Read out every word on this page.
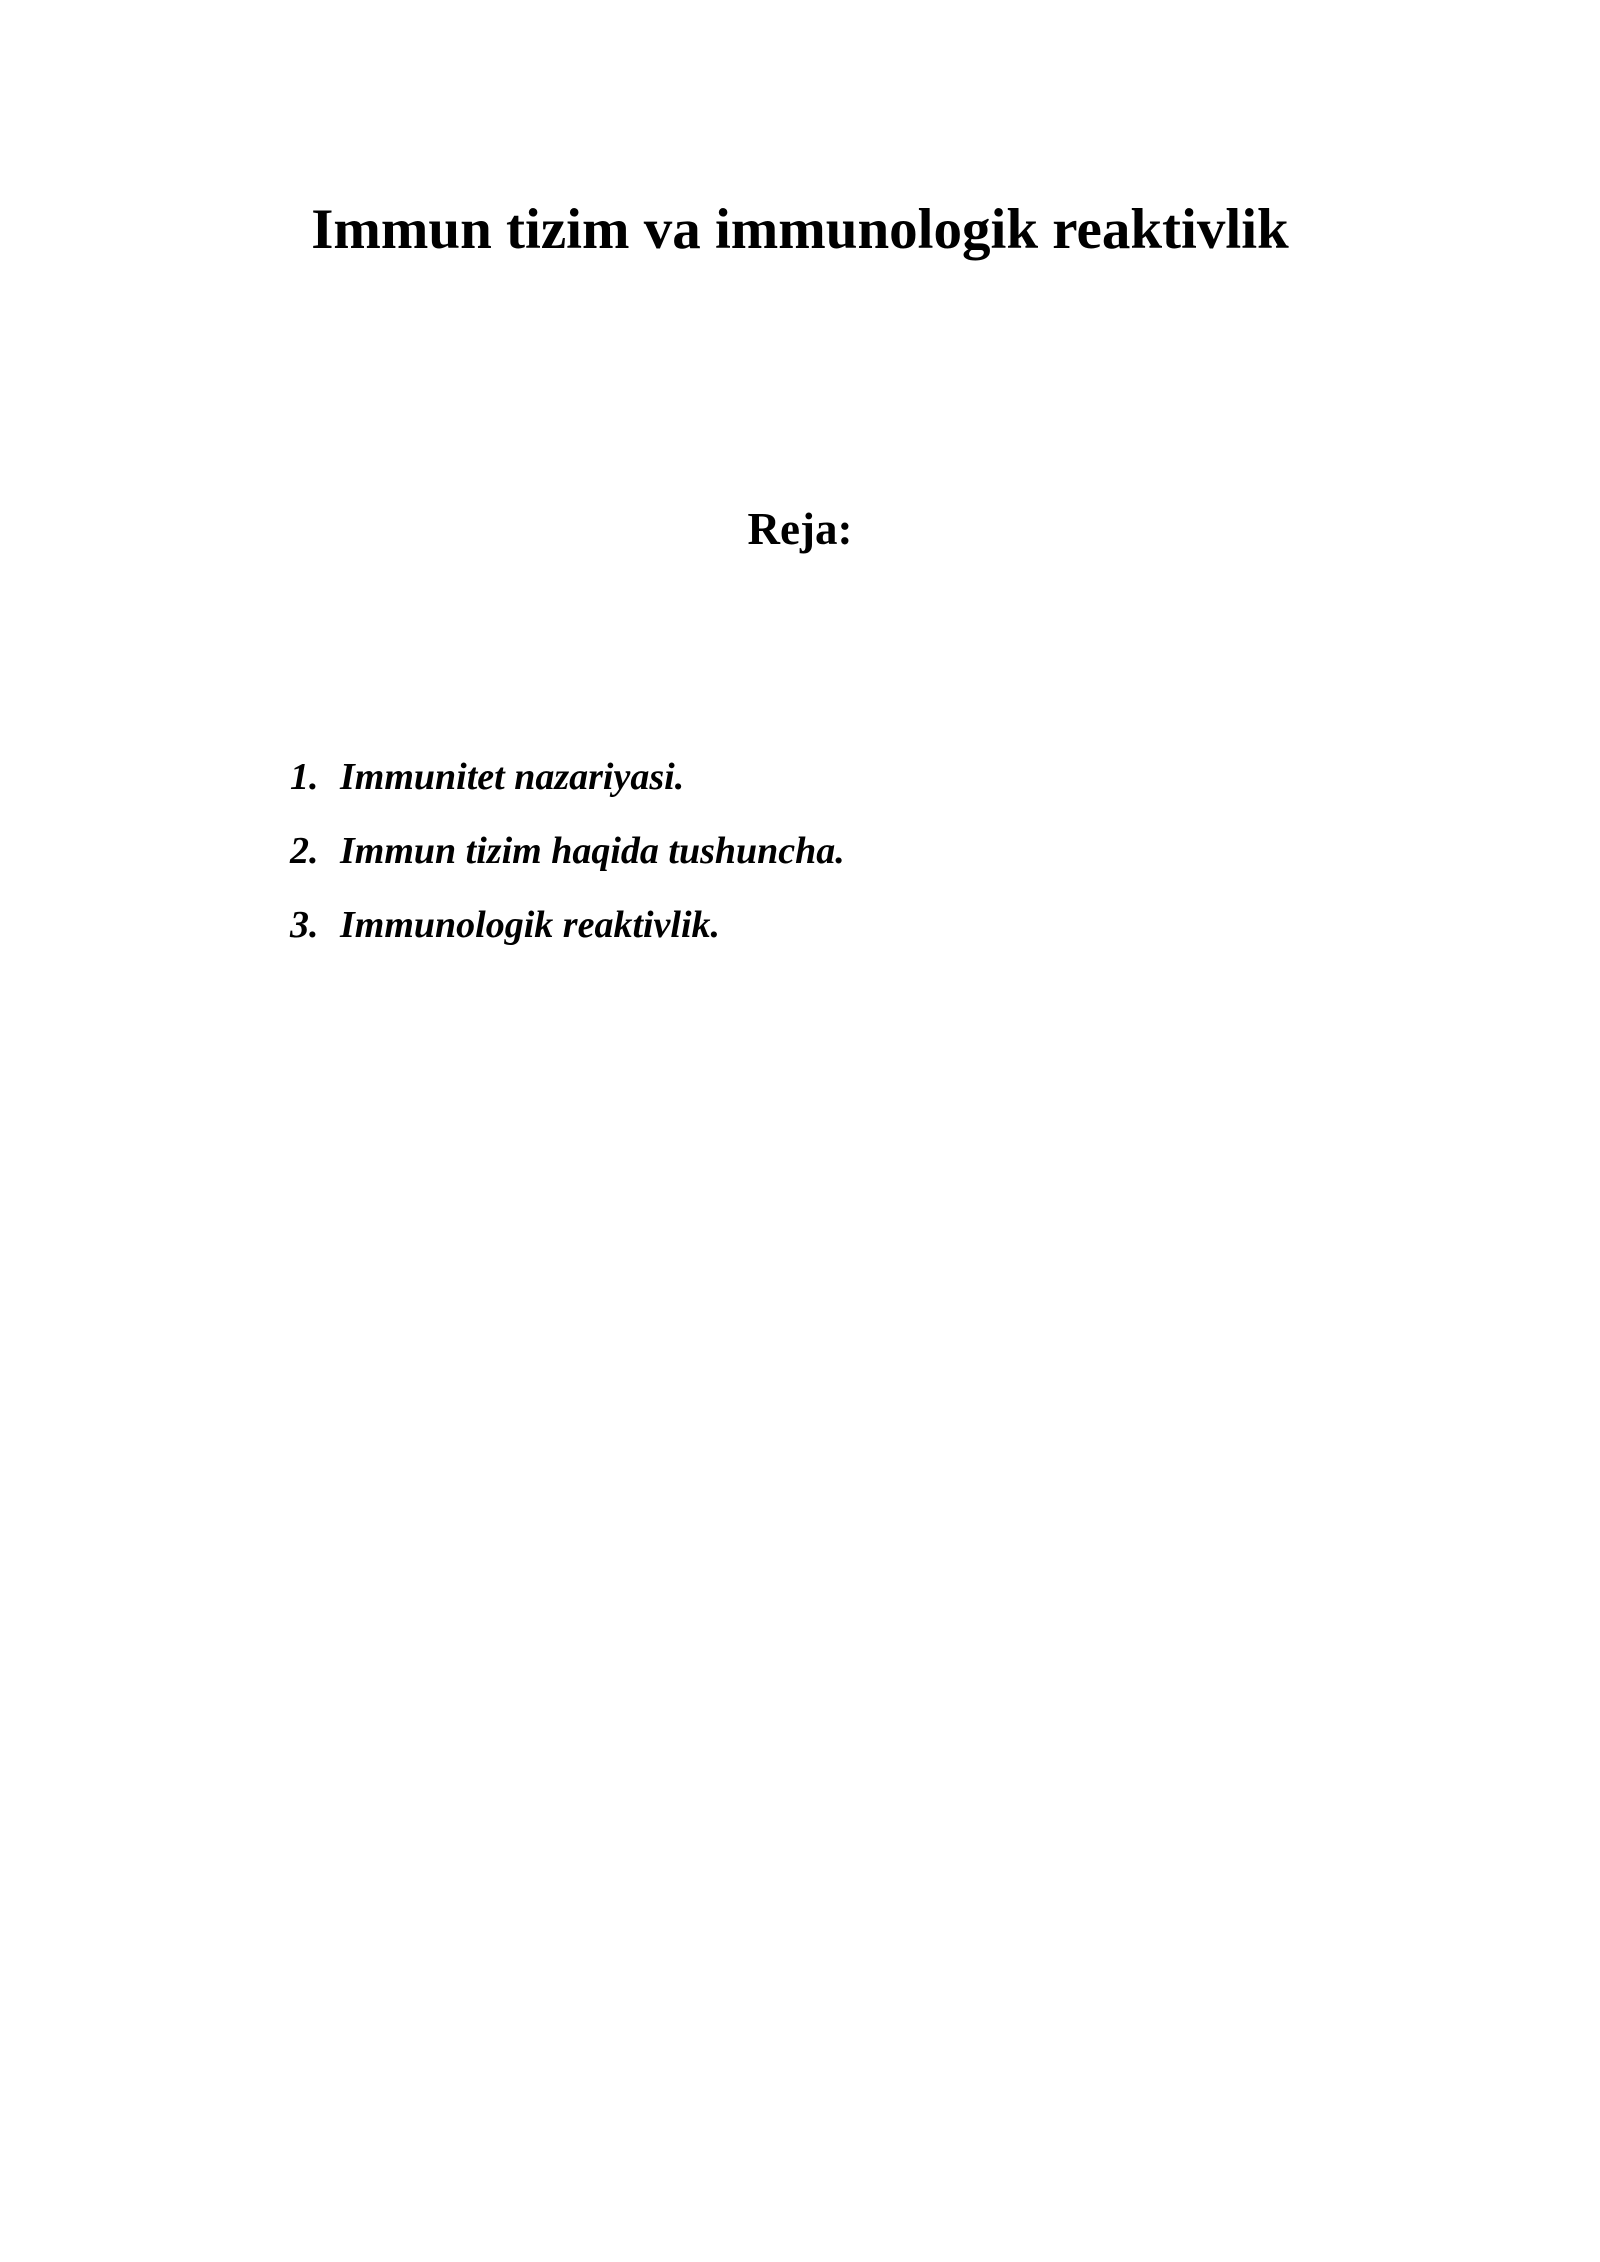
Immun tizim va immunologik reaktivlik
Reja:
1. Immunitet nazariyasi.
2. Immun tizim haqida tushuncha.
3. Immunologik reaktivlik.
